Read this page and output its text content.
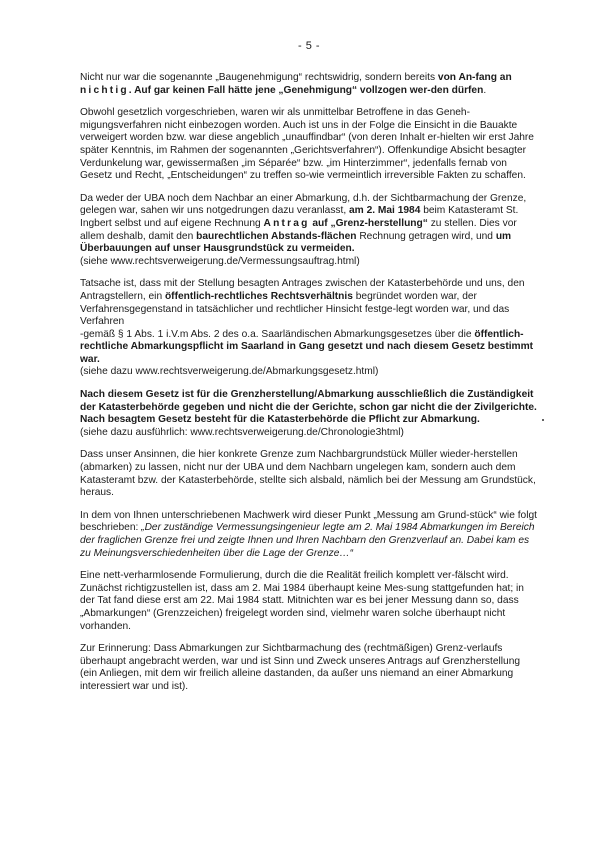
- 5 -

Nicht nur war die sogenannte „Baugenehmigung“ rechtswidrig, sondern bereits von An-fang an nichtig. Auf gar keinen Fall hätte jene „Genehmigung“ vollzogen wer-den dürfen.

Obwohl gesetzlich vorgeschrieben, waren wir als unmittelbar Betroffene in das Geneh-migungsverfahren nicht einbezogen worden. Auch ist uns in der Folge die Einsicht in die Bauakte verweigert worden bzw. war diese angeblich „unauffindbar“ (von deren Inhalt er-hielten wir erst Jahre später Kenntnis, im Rahmen der sogenannten „Gerichtsverfahren“). Offenkundige Absicht besagter Verdunkelung war, gewissermaßen „im Séparée“ bzw. „im Hinterzimmer“, jedenfalls fernab von Gesetz und Recht, „Entscheidungen“ zu treffen so-wie vermeintlich irreversible Fakten zu schaffen.

Da weder der UBA noch dem Nachbar an einer Abmarkung, d.h. der Sichtbarmachung der Grenze, gelegen war, sahen wir uns notgedrungen dazu veranlasst, am 2. Mai 1984 beim Katasteramt St. Ingbert selbst und auf eigene Rechnung Antrag auf „Grenz-herstellung“ zu stellen. Dies vor allem deshalb, damit den baurechtlichen Abstands-flächen Rechnung getragen wird, und um Überbauungen auf unser Hausgrundstück zu vermeiden.
(siehe www.rechtsverweigerung.de/Vermessungsauftrag.html)

Tatsache ist, dass mit der Stellung besagten Antrages zwischen der Katasterbehörde und uns, den Antragstellern, ein öffentlich-rechtliches Rechtsverhältnis begründet worden war, der Verfahrensgegenstand in tatsächlicher und rechtlicher Hinsicht festge-legt worden war, und das Verfahren
-gemäß § 1 Abs. 1 i.V.m Abs. 2 des o.a. Saarländischen Abmarkungsgesetzes über die öffentlich-rechtliche Abmarkungspflicht im Saarland in Gang gesetzt und nach diesem Gesetz bestimmt war.
(siehe dazu www.rechtsverweigerung.de/Abmarkungsgesetz.html)

Nach diesem Gesetz ist für die Grenzherstellung/Abmarkung ausschließlich die Zuständigkeit der Katasterbehörde gegeben und nicht die der Gerichte, schon gar nicht die der Zivilgerichte. Nach besagtem Gesetz besteht für die Katasterbehörde die Pflicht zur Abmarkung.
(siehe dazu ausführlich: www.rechtsverweigerung.de/Chronologie3html)

Dass unser Ansinnen, die hier konkrete Grenze zum Nachbargrundstück Müller wieder-herstellen (abmarken) zu lassen, nicht nur der UBA und dem Nachbarn ungelegen kam, sondern auch dem Katasteramt bzw. der Katasterbehörde, stellte sich alsbald, nämlich bei der Messung am Grundstück, heraus.

In dem von Ihnen unterschriebenen Machwerk wird dieser Punkt „Messung am Grund-stück“ wie folgt beschrieben: „Der zuständige Vermessungsingenieur legte am 2. Mai 1984 Abmarkungen im Bereich der fraglichen Grenze frei und zeigte Ihnen und Ihren Nachbarn den Grenzverlauf an. Dabei kam es zu Meinungsverschiedenheiten über die Lage der Grenze…“

Eine nett-verharmlosende Formulierung, durch die die Realität freilich komplett ver-fälscht wird. Zunächst richtigzustellen ist, dass am 2. Mai 1984 überhaupt keine Mes-sung stattgefunden hat; in der Tat fand diese erst am 22. Mai 1984 statt. Mitnichten war es bei jener Messung dann so, dass „Abmarkungen“ (Grenzzeichen) freigelegt worden sind, vielmehr waren solche überhaupt nicht vorhanden.

Zur Erinnerung: Dass Abmarkungen zur Sichtbarmachung des (rechtmäßigen) Grenz-verlaufs überhaupt angebracht werden, war und ist Sinn und Zweck unseres Antrags auf Grenzherstellung (ein Anliegen, mit dem wir freilich alleine dastanden, da außer uns niemand an einer Abmarkung interessiert war und ist).
